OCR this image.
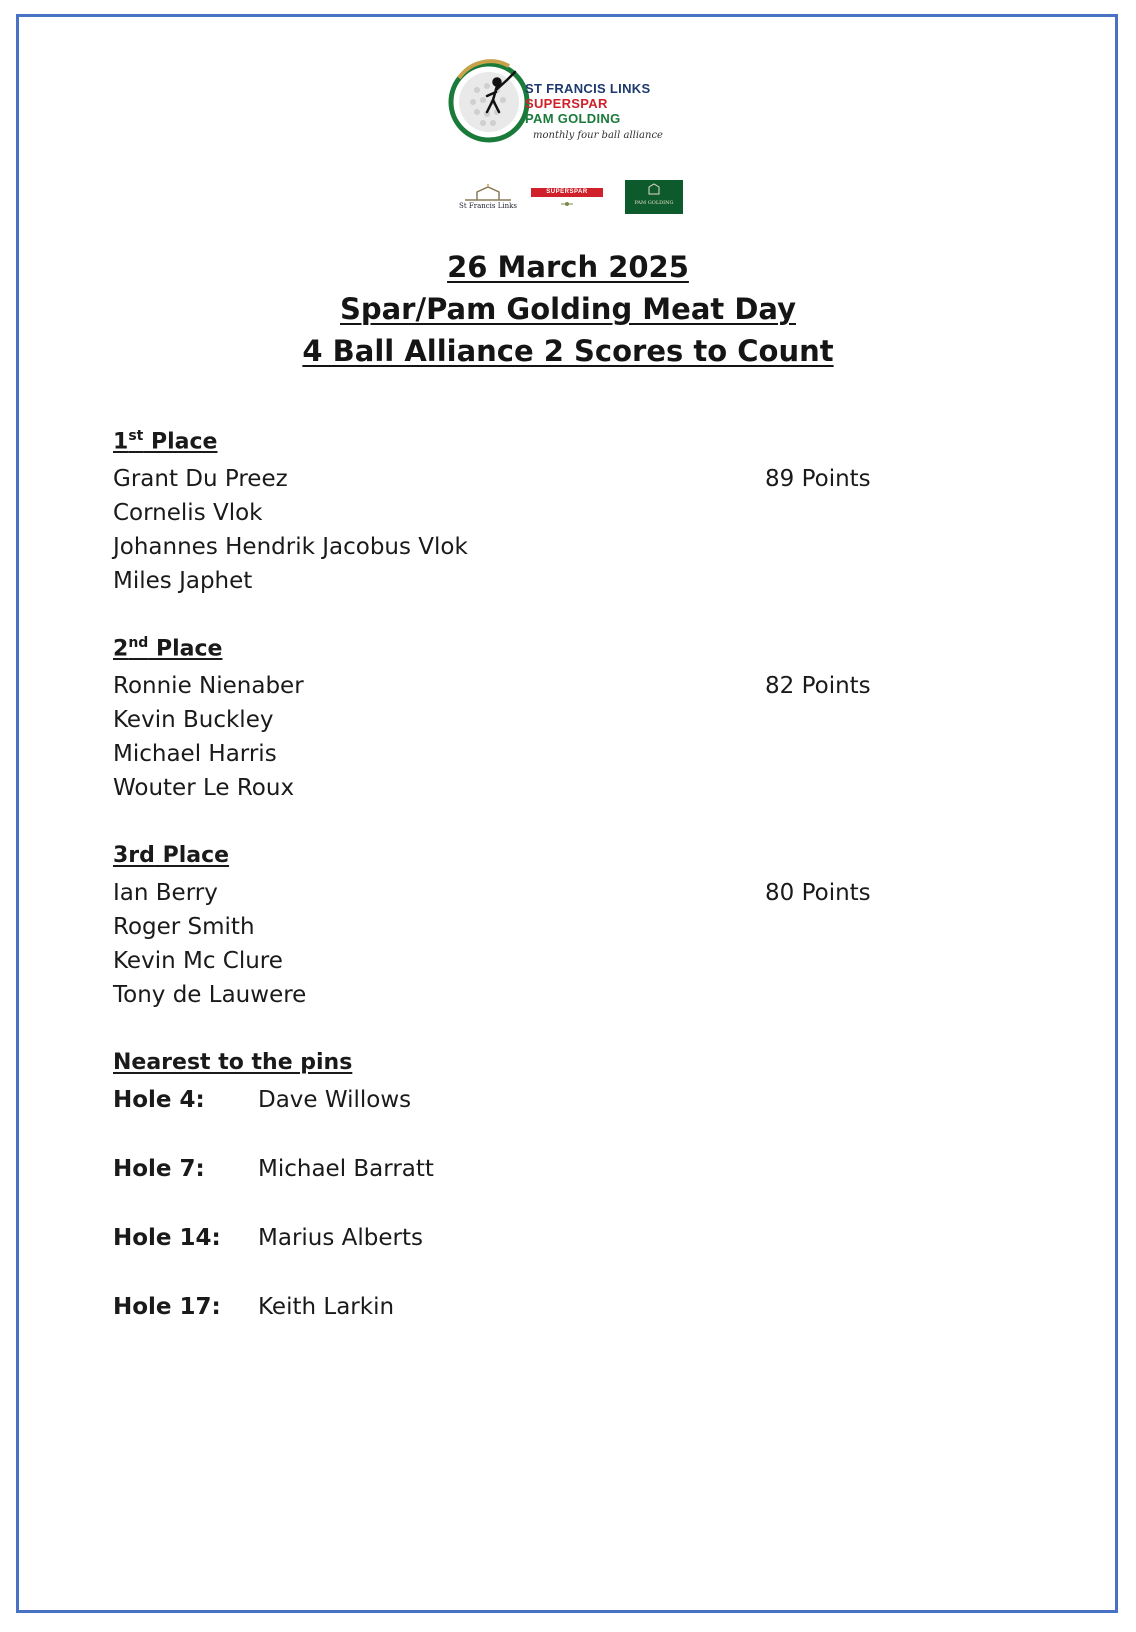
ST FRANCIS LINKS
SUPERSPAR
PAM GOLDING
monthly four ball alliance
St Francis Links
SUPERSPAR
PAM GOLDING
26 March 2025
Spar/Pam Golding Meat Day
4 Ball Alliance 2 Scores to Count
1st Place
89 Points
Grant Du Preez
Cornelis Vlok
Johannes Hendrik Jacobus Vlok
Miles Japhet
2nd Place
82 Points
Ronnie Nienaber
Kevin Buckley
Michael Harris
Wouter Le Roux
3rd Place
80 Points
Ian Berry
Roger Smith
Kevin Mc Clure
Tony de Lauwere
Nearest to the pins
Hole 4: Dave Willows
Hole 7: Michael Barratt
Hole 14: Marius Alberts
Hole 17: Keith Larkin
